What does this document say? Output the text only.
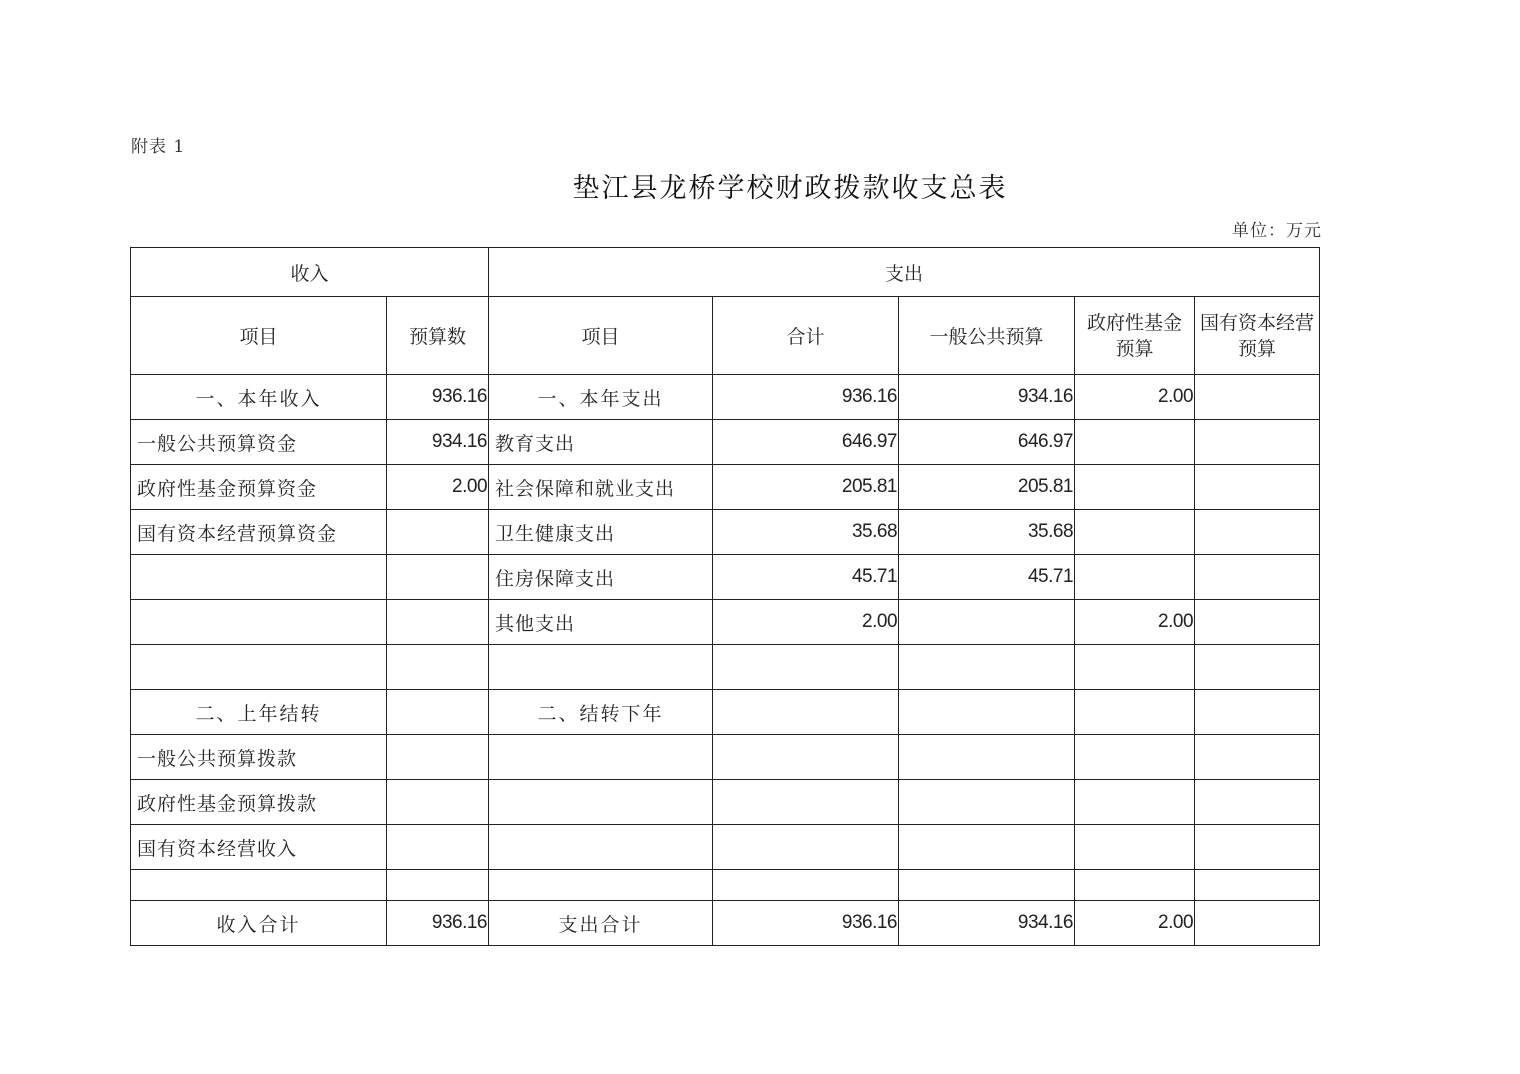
附表 1
垫江县龙桥学校财政拨款收支总表
单位：万元
收入		支出				
项目	预算数	项目	合计	一般公共预算	政府性基金预算	国有资本经营预算
一、本年收入	936.16	一、本年支出	936.16	934.16	2.00	
一般公共预算资金	934.16	教育支出	646.97	646.97		
政府性基金预算资金	2.00	社会保障和就业支出	205.81	205.81		
国有资本经营预算资金		卫生健康支出	35.68	35.68		
		住房保障支出	45.71	45.71		
		其他支出	2.00		2.00	

二、上年结转		二、结转下年				
一般公共预算拨款						
政府性基金预算拨款						
国有资本经营收入						

收入合计	936.16	支出合计	936.16	934.16	2.00	
